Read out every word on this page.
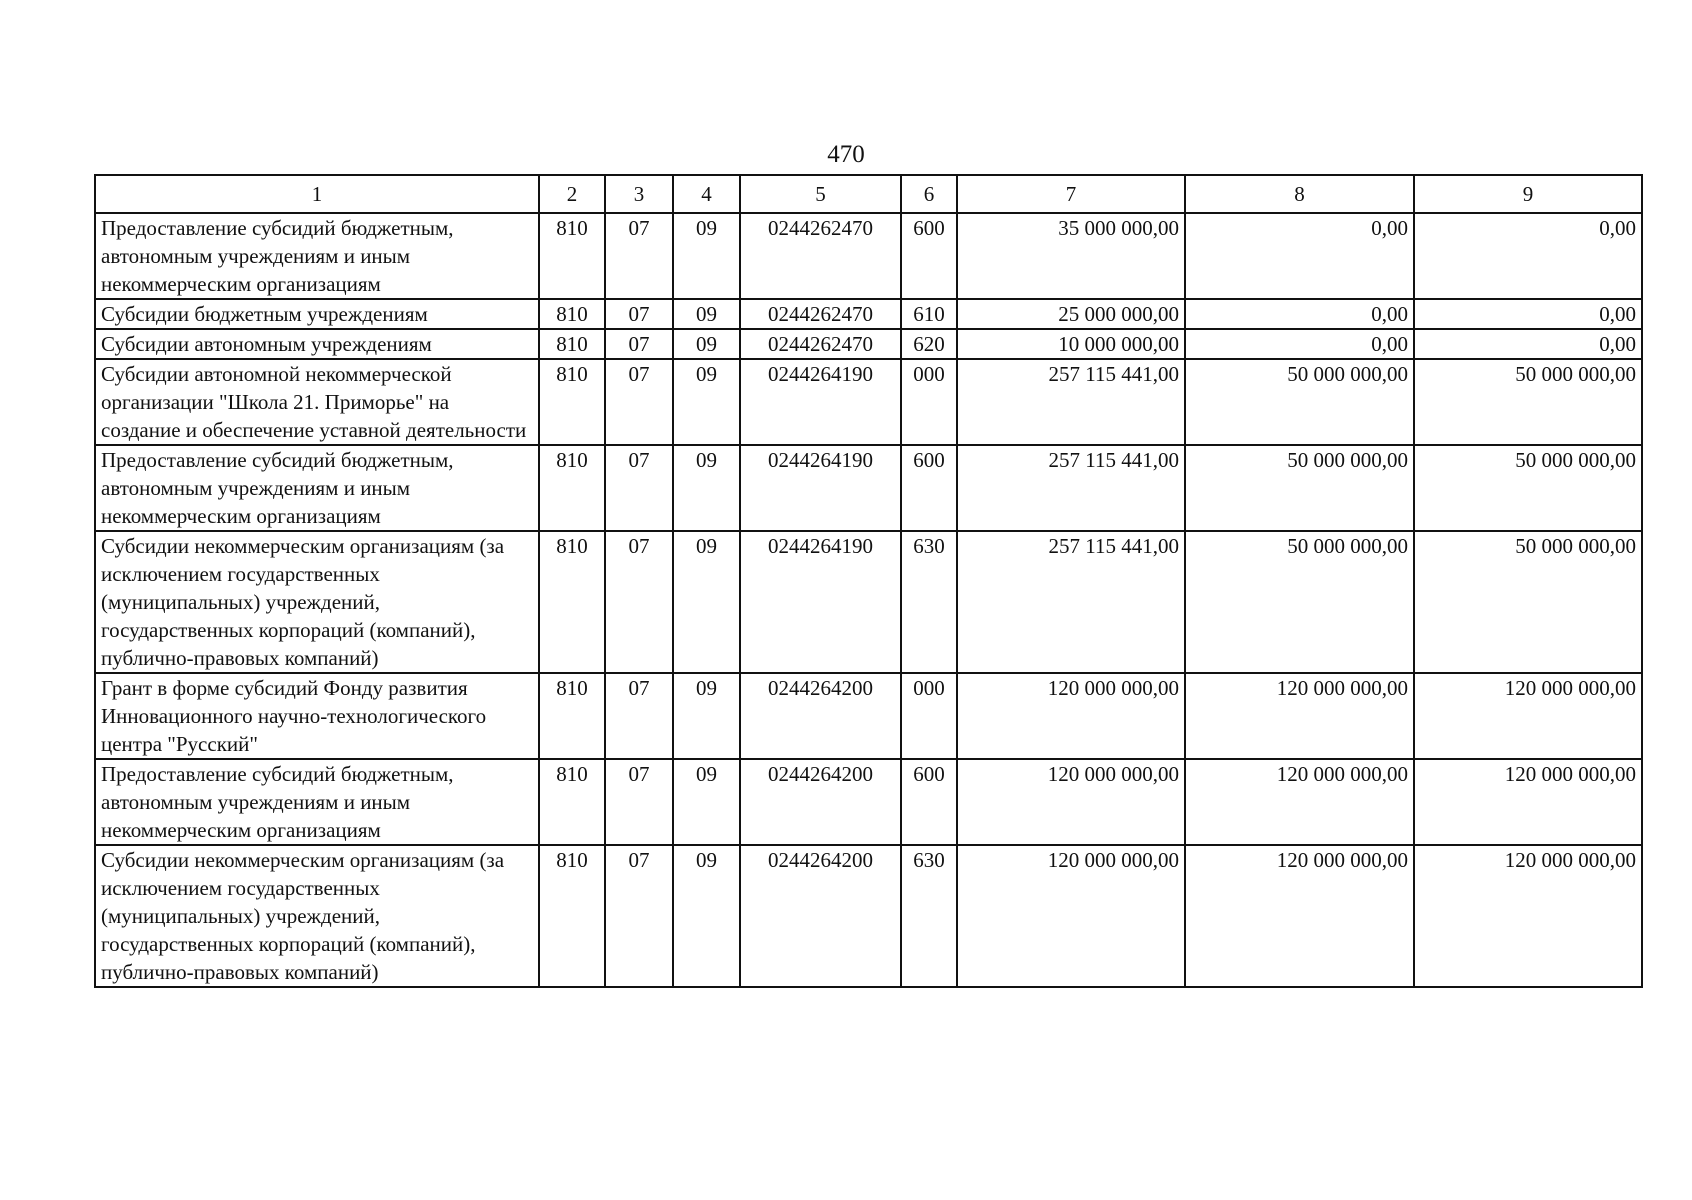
470
1	2	3	4	5	6	7	8	9
Предоставление субсидий бюджетным, автономным учреждениям и иным некоммерческим организациям	810	07	09	0244262470	600	35 000 000,00	0,00	0,00
Субсидии бюджетным учреждениям	810	07	09	0244262470	610	25 000 000,00	0,00	0,00
Субсидии автономным учреждениям	810	07	09	0244262470	620	10 000 000,00	0,00	0,00
Субсидии автономной некоммерческой организации "Школа 21. Приморье" на создание и обеспечение уставной деятельности	810	07	09	0244264190	000	257 115 441,00	50 000 000,00	50 000 000,00
Предоставление субсидий бюджетным, автономным учреждениям и иным некоммерческим организациям	810	07	09	0244264190	600	257 115 441,00	50 000 000,00	50 000 000,00
Субсидии некоммерческим организациям (за исключением государственных (муниципальных) учреждений, государственных корпораций (компаний), публично-правовых компаний)	810	07	09	0244264190	630	257 115 441,00	50 000 000,00	50 000 000,00
Грант в форме субсидий Фонду развития Инновационного научно-технологического центра "Русский"	810	07	09	0244264200	000	120 000 000,00	120 000 000,00	120 000 000,00
Предоставление субсидий бюджетным, автономным учреждениям и иным некоммерческим организациям	810	07	09	0244264200	600	120 000 000,00	120 000 000,00	120 000 000,00
Субсидии некоммерческим организациям (за исключением государственных (муниципальных) учреждений, государственных корпораций (компаний), публично-правовых компаний)	810	07	09	0244264200	630	120 000 000,00	120 000 000,00	120 000 000,00
